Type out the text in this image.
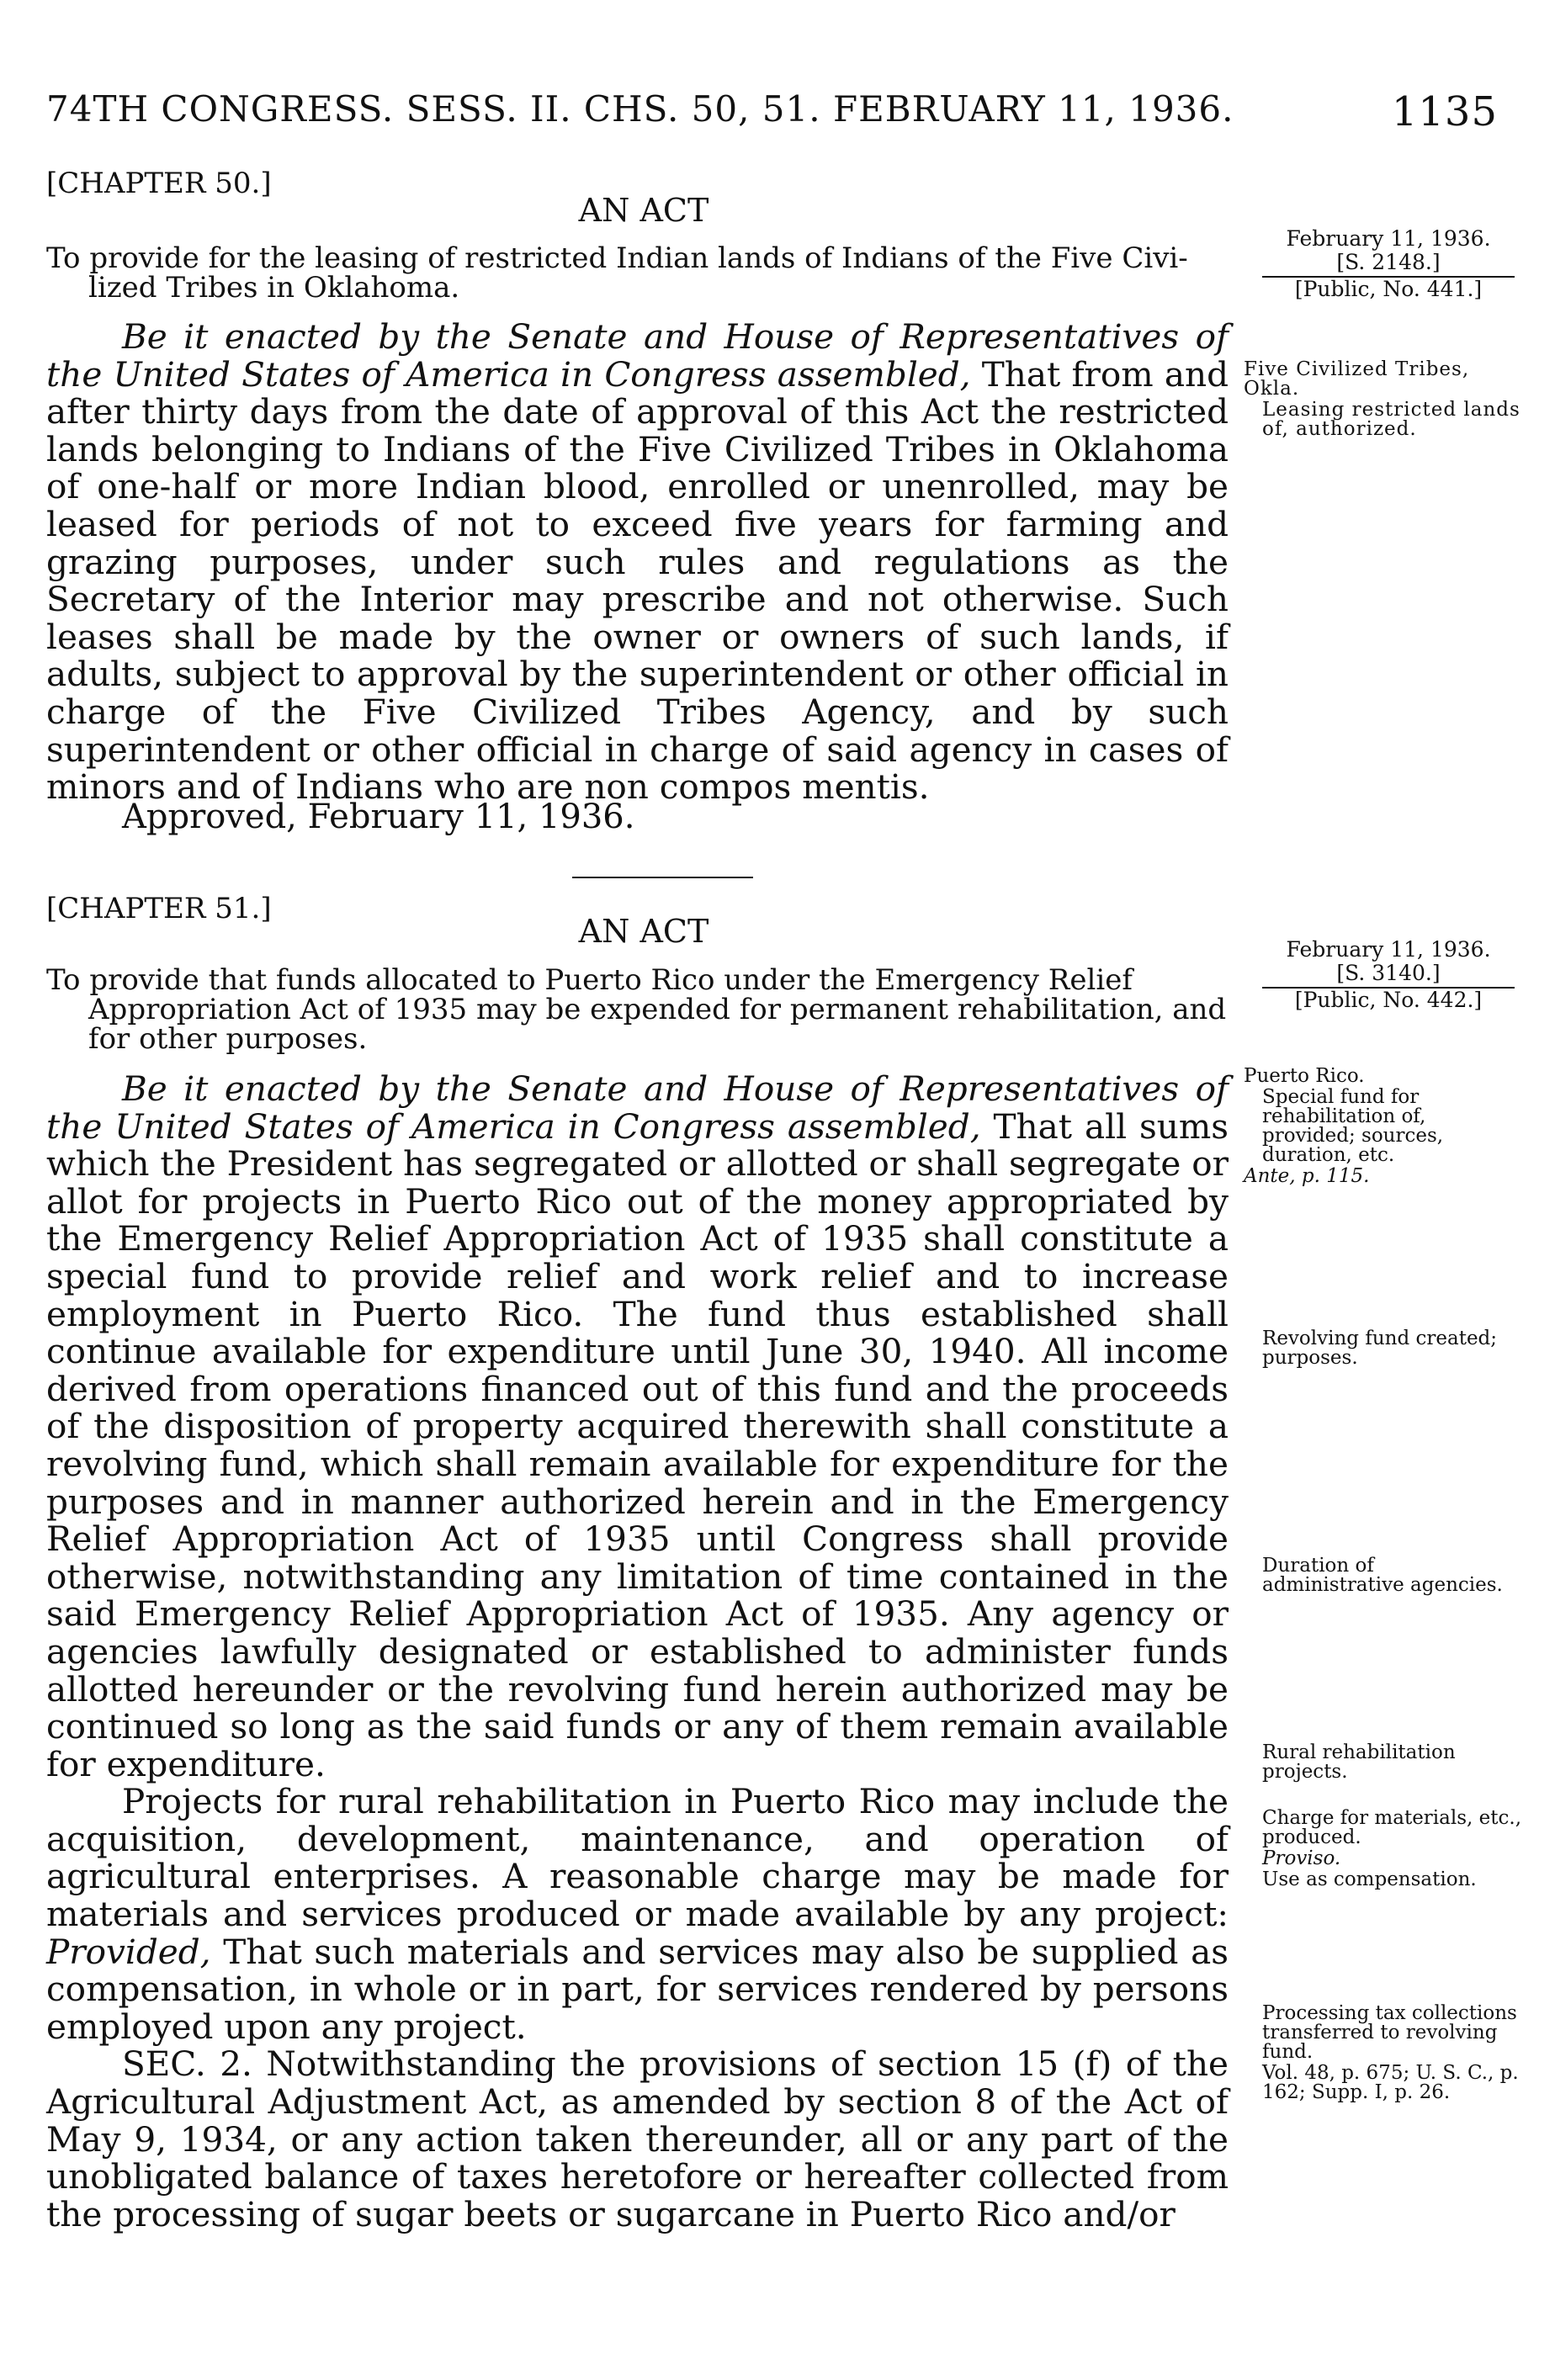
74TH CONGRESS. SESS. II. CHS. 50, 51. FEBRUARY 11, 1936.	1135
[CHAPTER 50.]
AN ACT
To provide for the leasing of restricted Indian lands of Indians of the Five Civi-
lized Tribes in Oklahoma.
February 11, 1936.
[S. 2148.]
[Public, No. 441.]

Be it enacted by the Senate and House of Representatives of the United States of America in Congress assembled, That from and after thirty days from the date of approval of this Act the restricted lands belonging to Indians of the Five Civilized Tribes in Oklahoma of one-half or more Indian blood, enrolled or unenrolled, may be leased for periods of not to exceed five years for farming and grazing purposes, under such rules and regulations as the Secretary of the Interior may prescribe and not otherwise. Such leases shall be made by the owner or owners of such lands, if adults, subject to approval by the superintendent or other official in charge of the Five Civilized Tribes Agency, and by such superintendent or other official in charge of said agency in cases of minors and of Indians who are non compos mentis.

Approved, February 11, 1936.
Five Civilized Tribes, Okla.
Leasing restricted lands of, authorized.
[CHAPTER 51.]
AN ACT
To provide that funds allocated to Puerto Rico under the Emergency Relief
Appropriation Act of 1935 may be expended for permanent rehabilitation, and
for other purposes.
February 11, 1936.
[S. 3140.]
[Public, No. 442.]

Be it enacted by the Senate and House of Representatives of the United States of America in Congress assembled, That all sums which the President has segregated or allotted or shall segregate or allot for projects in Puerto Rico out of the money appropriated by the Emergency Relief Appropriation Act of 1935 shall constitute a special fund to provide relief and work relief and to increase employment in Puerto Rico. The fund thus established shall continue available for expenditure until June 30, 1940. All income derived from operations financed out of this fund and the proceeds of the disposition of property acquired therewith shall constitute a revolving fund, which shall remain available for expenditure for the purposes and in manner authorized herein and in the Emergency Relief Appropriation Act of 1935 until Congress shall provide otherwise, notwithstanding any limitation of time contained in the said Emergency Relief Appropriation Act of 1935. Any agency or agencies lawfully designated or established to administer funds allotted hereunder or the revolving fund herein authorized may be continued so long as the said funds or any of them remain available for expenditure.

Projects for rural rehabilitation in Puerto Rico may include the acquisition, development, maintenance, and operation of agricultural enterprises. A reasonable charge may be made for materials and services produced or made available by any project: Provided, That such materials and services may also be supplied as compensation, in whole or in part, for services rendered by persons employed upon any project.

SEC. 2. Notwithstanding the provisions of section 15 (f) of the Agricultural Adjustment Act, as amended by section 8 of the Act of May 9, 1934, or any action taken thereunder, all or any part of the unobligated balance of taxes heretofore or hereafter collected from the processing of sugar beets or sugarcane in Puerto Rico and/or

Puerto Rico.
Special fund for rehabilitation of, provided; sources, duration, etc.
Ante, p. 115.
Revolving fund created; purposes.
Duration of administrative agencies.
Rural rehabilitation projects.
Charge for materials, etc., produced.
Proviso.
Use as compensation.
Processing tax collections transferred to revolving fund.
Vol. 48, p. 675; U. S. C., p. 162; Supp. I, p. 26.
